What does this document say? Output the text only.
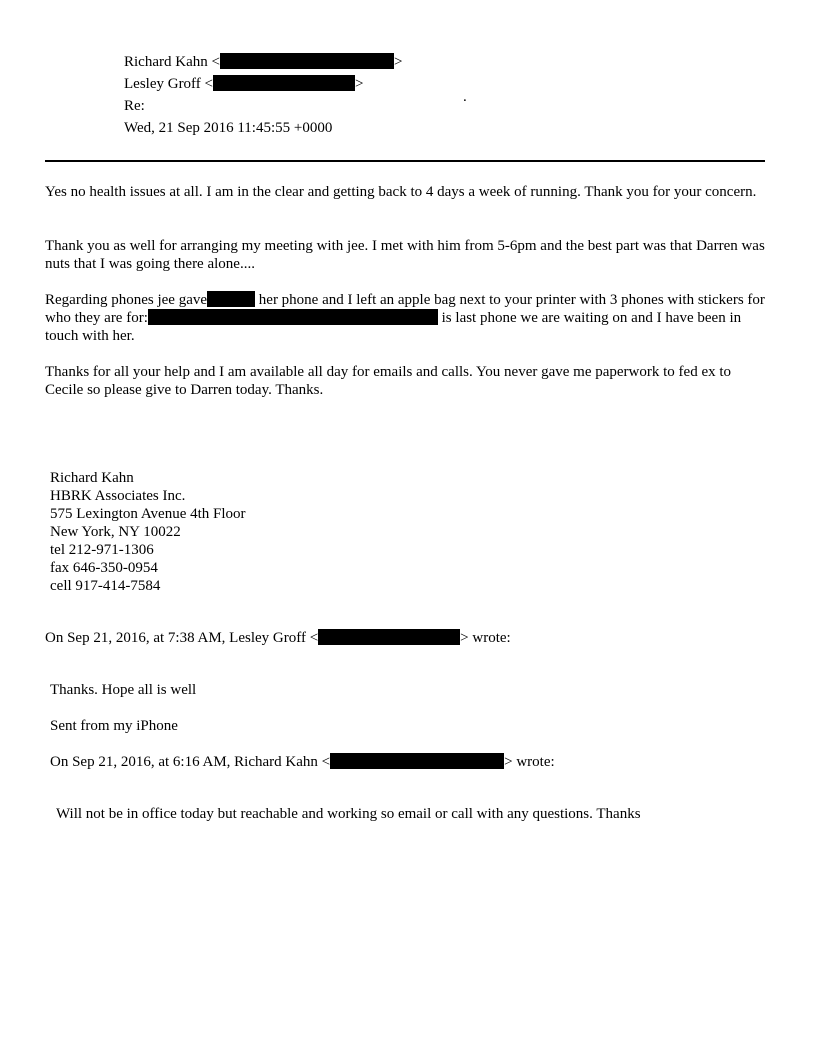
Richard Kahn <	>
Lesley Groff <	>
.
Re:
Wed, 21 Sep 2016 11:45:55 +0000

Yes no health issues at all. I am in the clear and getting back to 4 days a week of running. Thank you for your concern.

Thank you as well for arranging my meeting with jee. I met with him from 5-6pm and the best part was that Darren was nuts that I was going there alone....

Regarding phones jee gave	her phone and I left an apple bag next to your printer with 3 phones with stickers for who they are for:	is last phone we are waiting on and I have been in touch with her.

Thanks for all your help and I am available all day for emails and calls. You never gave me paperwork to fed ex to Cecile so please give to Darren today. Thanks.

Richard Kahn
HBRK Associates Inc.
575 Lexington Avenue 4th Floor
New York, NY 10022
tel 212-971-1306
fax 646-350-0954
cell 917-414-7584
On Sep 21, 2016, at 7:38 AM, Lesley Groff <	> wrote:
Thanks. Hope all is well
Sent from my iPhone
On Sep 21, 2016, at 6:16 AM, Richard Kahn <	> wrote:
Will not be in office today but reachable and working so email or call with any questions. Thanks
